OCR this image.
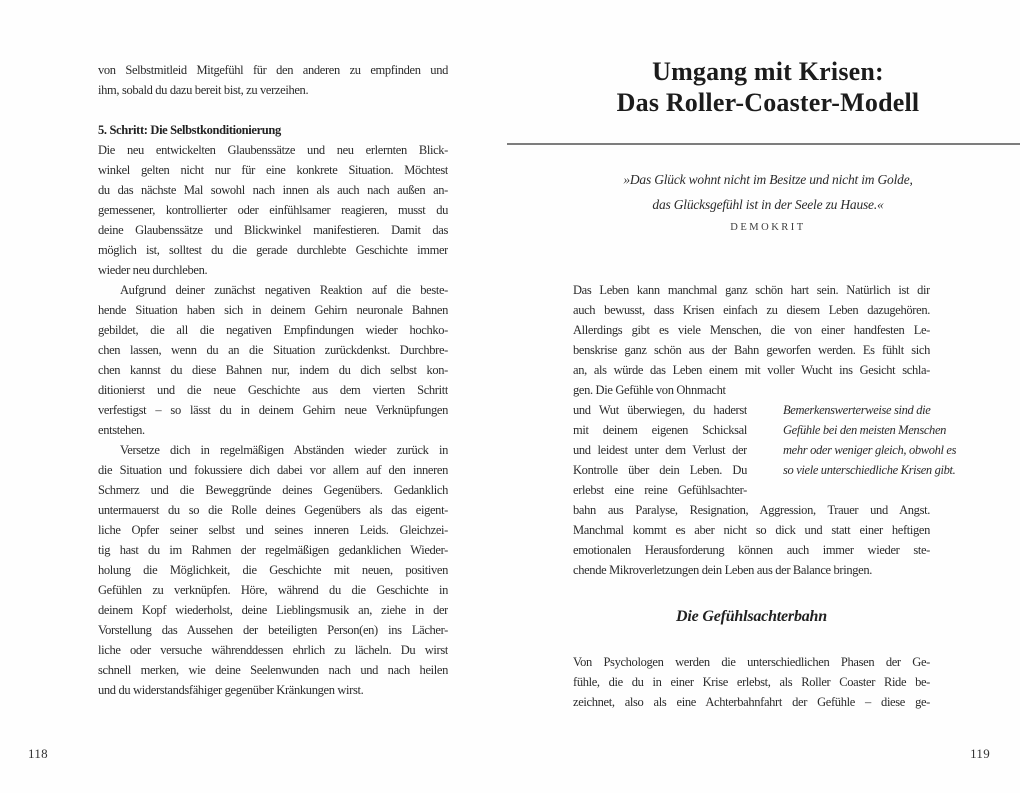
von Selbstmitleid Mitgefühl für den anderen zu empfinden und
ihm, sobald du dazu bereit bist, zu verzeihen.
5. Schritt: Die Selbstkonditionierung
Die neu entwickelten Glaubenssätze und neu erlernten Blick-
winkel gelten nicht nur für eine konkrete Situation. Möchtest
du das nächste Mal sowohl nach innen als auch nach außen an-
gemessener, kontrollierter oder einfühlsamer reagieren, musst du
deine Glaubenssätze und Blickwinkel manifestieren. Damit das
möglich ist, solltest du die gerade durchlebte Geschichte immer
wieder neu durchleben.
Aufgrund deiner zunächst negativen Reaktion auf die beste-
hende Situation haben sich in deinem Gehirn neuronale Bahnen
gebildet, die all die negativen Empfindungen wieder hochko-
chen lassen, wenn du an die Situation zurückdenkst. Durchbre-
chen kannst du diese Bahnen nur, indem du dich selbst kon-
ditionierst und die neue Geschichte aus dem vierten Schritt
verfestigst – so lässt du in deinem Gehirn neue Verknüpfungen
entstehen.
Versetze dich in regelmäßigen Abständen wieder zurück in
die Situation und fokussiere dich dabei vor allem auf den inneren
Schmerz und die Beweggründe deines Gegenübers. Gedanklich
untermauerst du so die Rolle deines Gegenübers als das eigent-
liche Opfer seiner selbst und seines inneren Leids. Gleichzei-
tig hast du im Rahmen der regelmäßigen gedanklichen Wieder-
holung die Möglichkeit, die Geschichte mit neuen, positiven
Gefühlen zu verknüpfen. Höre, während du die Geschichte in
deinem Kopf wiederholst, deine Lieblingsmusik an, ziehe in der
Vorstellung das Aussehen der beteiligten Person(en) ins Lächer-
liche oder versuche währenddessen ehrlich zu lächeln. Du wirst
schnell merken, wie deine Seelenwunden nach und nach heilen
und du widerstandsfähiger gegenüber Kränkungen wirst.
118
Umgang mit Krisen:
Das Roller-Coaster-Modell
»Das Glück wohnt nicht im Besitze und nicht im Golde,
das Glücksgefühl ist in der Seele zu Hause.«
DEMOKRIT
Das Leben kann manchmal ganz schön hart sein. Natürlich ist dir
auch bewusst, dass Krisen einfach zu diesem Leben dazugehören.
Allerdings gibt es viele Menschen, die von einer handfesten Le-
benskrise ganz schön aus der Bahn geworfen werden. Es fühlt sich
an, als würde das Leben einem mit voller Wucht ins Gesicht schla-
gen. Die Gefühle von Ohnmacht
und Wut überwiegen, du haderst
mit deinem eigenen Schicksal
und leidest unter dem Verlust der
Kontrolle über dein Leben. Du
erlebst eine reine Gefühlsachter-
Bemerkenswerterweise sind die
Gefühle bei den meisten Menschen
mehr oder weniger gleich, obwohl es
so viele unterschiedliche Krisen gibt.
bahn aus Paralyse, Resignation, Aggression, Trauer und Angst.
Manchmal kommt es aber nicht so dick und statt einer heftigen
emotionalen Herausforderung können auch immer wieder ste-
chende Mikroverletzungen dein Leben aus der Balance bringen.
Die Gefühlsachterbahn
Von Psychologen werden die unterschiedlichen Phasen der Ge-
fühle, die du in einer Krise erlebst, als Roller Coaster Ride be-
zeichnet, also als eine Achterbahnfahrt der Gefühle – diese ge-
119
